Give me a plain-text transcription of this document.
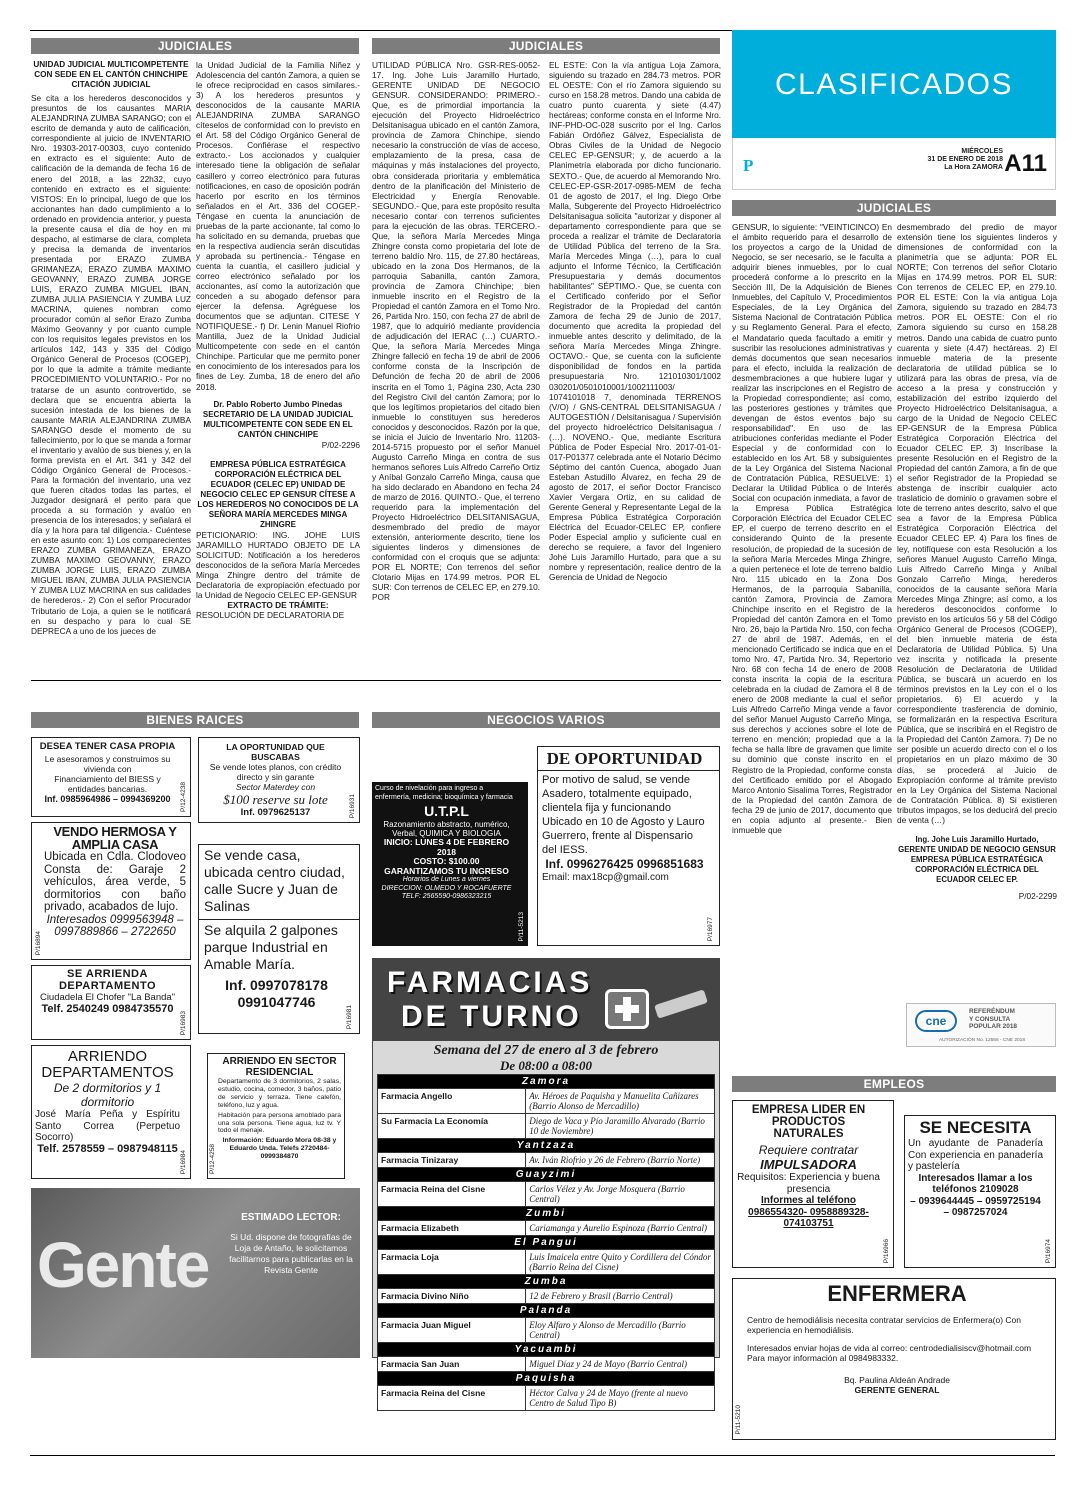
JUDICIALES

UNIDAD JUDICIAL MULTICOMPETENTE CON SEDE EN EL CANTÓN CHINCHIPE CITACIÓN JUDICIAL

Se cita a los herederos desconocidos y presuntos de los causantes MARIA ALEJANDRINA ZUMBA SARANGO; con el escrito de demanda y auto de calificación, correspondiente al juicio de INVENTARIO Nro. 19303-2017-00303, cuyo contenido en extracto es el siguiente: Auto de calificación de la demanda de fecha 16 de enero del 2018, a las 22h32, cuyo contenido en extracto es el siguiente: VISTOS: En lo principal, luego de que los accionantes han dado cumplimiento a lo ordenado en providencia anterior, y puesta la presente causa el día de hoy en mi despacho, al estimarse de clara, completa y precisa la demanda de inventarios presentada por ERAZO ZUMBA GRIMANEZA, ERAZO ZUMBA MAXIMO GEOVANNY, ERAZO ZUMBA JORGE LUIS, ERAZO ZUMBA MIGUEL IBAN, ZUMBA JULIA PASIENCIA Y ZUMBA LUZ MACRINA, quienes nombran como procurador común al señor Erazo Zumba Máximo Geovanny y por cuanto cumple con los requisitos legales previstos en los artículos 142, 143 y 335 del Código Orgánico General de Procesos (COGEP), por lo que la admite a trámite mediante PROCEDIMIENTO VOLUNTARIO.- Por no tratarse de un asunto controvertido, se declara que se encuentra abierta la sucesión intestada de los bienes de la causante MARIA ALEJANDRINA ZUMBA SARANGO desde el momento de su fallecimiento, por lo que se manda a formar el inventario y avalúo de sus bienes y, en la forma prevista en el Art. 341 y 342 del Código Orgánico General de Procesos.- Para la formación del inventario, una vez que fueren citados todas las partes, el Juzgador designará el perito para que proceda a su formación y avalúo en presencia de los interesados; y señalará el día y la hora para tal diligencia.- Cuéntese en este asunto con: 1) Los comparecientes ERAZO ZUMBA GRIMANEZA, ERAZO ZUMBA MAXIMO GEOVANNY, ERAZO ZUMBA JORGE LUIS, ERAZO ZUMBA MIGUEL IBAN, ZUMBA JULIA PASIENCIA Y ZUMBA LUZ MACRINA en sus calidades de herederos.- 2) Con el señor Procurador Tributario de Loja, a quien se le notificará en su despacho y para lo cual SE DEPRECA a uno de los jueces de

la Unidad Judicial de la Familia Niñez y Adolescencia del cantón Zamora, a quien se le ofrece reciprocidad en casos similares.- 3) A los herederos presuntos y desconocidos de la causante MARIA ALEJANDRINA ZUMBA SARANGO cíteselos de conformidad con lo previsto en el Art. 58 del Código Orgánico General de Procesos. Confiérase el respectivo extracto.- Los accionados y cualquier interesado tiene la obligación de señalar casillero y correo electrónico para futuras notificaciones, en caso de oposición podrán hacerlo por escrito en los términos señalados en el Art. 336 del COGEP.- Téngase en cuenta la anunciación de pruebas de la parte accionante, tal como lo ha solicitado en su demanda, pruebas que en la respectiva audiencia serán discutidas y aprobada su pertinencia.- Téngase en cuenta la cuantía, el casillero judicial y correo electrónico señalado por los accionantes, así como la autorización que conceden a su abogado defensor para ejercer la defensa. Agréguese los documentos que se adjuntan. CITESE Y NOTIFIQUESE.- f) Dr. Lenin Manuel Riofrio Mantilla, Juez de la Unidad Judicial Multicompetente con sede en el cantón Chinchipe. Particular que me permito poner en conocimiento de los interesados para los fines de Ley. Zumba, 18 de enero del año 2018.

Dr. Pablo Roberto Jumbo Pinedas SECRETARIO DE LA UNIDAD JUDICIAL MULTICOMPETENTE CON SEDE EN EL CANTÓN CHINCHIPE

P/02-2296

EMPRESA PÚBLICA ESTRATÉGICA CORPORACIÓN ELÉCTRICA DEL ECUADOR (CELEC EP) UNIDAD DE NEGOCIO CELEC EP GENSUR CÍTESE A LOS HEREDEROS NO CONOCIDOS DE LA SEÑORA MARÍA MERCEDES MINGA ZHINGRE

PETICIONARIO: ING. JOHE LUIS JARAMILLO HURTADO OBJETO DE LA SOLICITUD: Notificación a los herederos desconocidos de la señora María Mercedes Minga Zhingre dentro del trámite de Declaratoria de expropiación efectuado por la Unidad de Negocio CELEC EP-GENSUR

EXTRACTO DE TRÁMITE:

RESOLUCIÓN DE DECLARATORIA DE

JUDICIALES

UTILIDAD PÚBLICA Nro. GSR-RES-0052-17. Ing. Johe Luis Jaramillo Hurtado, GERENTE UNIDAD DE NEGOCIO GENSUR. CONSIDERANDO: PRIMERO.- Que, es de primordial importancia la ejecución del Proyecto Hidroeléctrico Delsitanisagua ubicado en el cantón Zamora, provincia de Zamora Chinchipe, siendo necesario la construcción de vías de acceso, emplazamiento de la presa, casa de máquinas y más instalaciones del proyecto, obra considerada prioritaria y emblemática dentro de la planificación del Ministerio de Electricidad y Energía Renovable. SEGUNDO.- Que, para este propósito resulta necesario contar con terrenos suficientes para la ejecución de las obras. TERCERO.- Que, la señora María Mercedes Minga Zhingre consta como propietaria del lote de terreno baldío Nro. 115, de 27.80 hectáreas, ubicado en la zona Dos Hermanos, de la parroquia Sabanilla, cantón Zamora, provincia de Zamora Chinchipe; bien inmueble inscrito en el Registro de la Propiedad el cantón Zamora en el Tomo Nro. 26, Partida Nro. 150, con fecha 27 de abril de 1987, que lo adquirió mediante providencia de adjudicación del IERAC (…) CUARTO.- Que, la señora María Mercedes Minga Zhingre falleció en fecha 19 de abril de 2006 conforme consta de la Inscripción de Defunción de fecha 20 de abril de 2006 inscrita en el Tomo 1, Página 230, Acta 230 del Registro Civil del cantón Zamora; por lo que los legítimos propietarios del citado bien inmueble lo constituyen sus herederos conocidos y desconocidos. Razón por la que, se inicia el Juicio de Inventario Nro. 11203-2014-5715 propuesto por el señor Manuel Augusto Carreño Minga en contra de sus hermanos señores Luis Alfredo Carreño Ortiz y Aníbal Gonzalo Carreño Minga, causa que ha sido declarado en Abandono en fecha 24 de marzo de 2016. QUINTO.- Que, el terreno requerido para la implementación del Proyecto Hidroeléctrico DELSITANISAGUA, desmembrado del predio de mayor extensión, anteriormente descrito, tiene los siguientes linderos y dimensiones de conformidad con el croquis que se adjunta: POR EL NORTE; Con terrenos del señor Clotario Mijas en 174.99 metros. POR EL SUR: Con terrenos de CELEC EP, en 279.10. POR

EL ESTE: Con la vía antigua Loja Zamora, siguiendo su trazado en 284.73 metros. POR EL OESTE: Con el río Zamora siguiendo su curso en 158.28 metros. Dando una cabida de cuatro punto cuarenta y siete (4.47) hectáreas; conforme consta en el Informe Nro. INF-PHD-OC-028 suscrito por el Ing. Carlos Fabián Ordóñez Gálvez, Especialista de Obras Civiles de la Unidad de Negocio CELEC EP-GENSUR; y, de acuerdo a la Planimetría elaborada por dicho funcionario. SEXTO.- Que, de acuerdo al Memorando Nro. CELEC-EP-GSR-2017-0985-MEM de fecha 01 de agosto de 2017, el Ing. Diego Orbe Malla, Subgerente del Proyecto Hidroeléctrico Delsitanisagua solicita "autorizar y disponer al departamento correspondiente para que se proceda a realizar el trámite de Declaratoria de Utilidad Pública del terreno de la Sra. María Mercedes Minga (…), para lo cual adjunto el Informe Técnico, la Certificación Presupuestaria y demás documentos habilitantes" SÉPTIMO.- Que, se cuenta con el Certificado conferido por el Señor Registrador de la Propiedad del cantón Zamora de fecha 29 de Junio de 2017, documento que acredita la propiedad del inmueble antes descrito y delimitado, de la señora María Mercedes Minga Zhingre. OCTAVO.- Que, se cuenta con la suficiente disponibilidad de fondos en la partida presupuestaria Nro. 121010301/1002 030201/0501010001/1002111003/ 1074101018 7, denominada TERRENOS (V/O) / GNS-CENTRAL DELSITANISAGUA / AUTOGESTIÓN / Delsitanisagua / Supervisión del proyecto hidroeléctrico Delsitanisagua / (…). NOVENO.- Que, mediante Escritura Pública de Poder Especial Nro. 2017-01-01-017-P01377 celebrada ante el Notario Décimo Séptimo del cantón Cuenca, abogado Juan Esteban Astudillo Álvarez, en fecha 29 de agosto de 2017, el señor Doctor Francisco Xavier Vergara Ortiz, en su calidad de Gerente General y Representante Legal de la Empresa Pública Estratégica Corporación Eléctrica del Ecuador-CELEC EP, confiere Poder Especial amplio y suficiente cual en derecho se requiere, a favor del Ingeniero Johe Luis Jaramillo Hurtado, para que a su nombre y representación, realice dentro de la Gerencia de Unidad de Negocio

CLASIFICADOS
P
MIÉRCOLES
31 DE ENERO DE 2018
La Hora ZAMORA A11
JUDICIALES

GENSUR, lo siguiente: "VEINTICINCO) En el ámbito requerido para el desarrollo de los proyectos a cargo de la Unidad de Negocio, se ser necesario, se le faculta a adquirir bienes inmuebles, por lo cual procederá conforme a lo prescrito en la Sección III, De la Adquisición de Bienes Inmuebles, del Capítulo V, Procedimientos Especiales, de la Ley Orgánica del Sistema Nacional de Contratación Pública y su Reglamento General. Para el efecto, el Mandatario queda facultado a emitir y suscribir las resoluciones administrativas y demás documentos que sean necesarios para el efecto, incluida la realización de desmembraciones a que hubiere lugar y realizar las inscripciones en el Registro de la Propiedad correspondiente; así como, las posteriores gestiones y trámites que devengan de éstos eventos bajo su responsabilidad". En uso de las atribuciones conferidas mediante el Poder Especial y de conformidad con lo establecido en los Art. 58 y subsiguientes de la Ley Orgánica del Sistema Nacional de Contratación Pública, RESUELVE: 1) Declarar la Utilidad Pública o de Interés Social con ocupación inmediata, a favor de la Empresa Pública Estratégica Corporación Eléctrica del Ecuador CELEC EP, el cuerpo de terreno descrito en el considerando Quinto de la presente resolución, de propiedad de la sucesión de la señora María Mercedes Minga Zhingre, a quien pertenece el lote de terreno baldío Nro. 115 ubicado en la Zona Dos Hermanos, de la parroquia Sabanilla, cantón Zamora, Provincia de Zamora Chinchipe inscrito en el Registro de la Propiedad del cantón Zamora en el Tomo Nro. 26, bajo la Partida Nro. 150, con fecha 27 de abril de 1987. Además, en el mencionado Certificado se indica que en el tomo Nro. 47, Partida Nro. 34, Repertorio Nro. 68 con fecha 14 de enero de 2008 consta inscrita la copia de la escritura celebrada en la ciudad de Zamora el 8 de enero de 2008 mediante la cual el señor Luis Alfredo Carreño Minga vende a favor del señor Manuel Augusto Carreño Minga, sus derechos y acciones sobre el lote de terreno en mención; propiedad que a la fecha se halla libre de gravamen que limite su dominio que conste inscrito en el Registro de la Propiedad, conforme consta del Certificado emitido por el Abogado Marco Antonio Sisalima Torres, Registrador de la Propiedad del cantón Zamora de fecha 29 de junio de 2017, documento que en copia adjunto al presente.- Bien inmueble que

desmembrado del predio de mayor extensión tiene los siguientes linderos y dimensiones de conformidad con la planimetría que se adjunta: POR EL NORTE; Con terrenos del señor Clotario Mijas en 174.99 metros. POR EL SUR: Con terrenos de CELEC EP, en 279.10. POR EL ESTE: Con la vía antigua Loja Zamora, siguiendo su trazado en 284.73 metros. POR EL OESTE: Con el río Zamora siguiendo su curso en 158.28 metros. Dando una cabida de cuatro punto cuarenta y siete (4.47) hectáreas. 2) El inmueble materia de la presente declaratoria de utilidad pública se lo utilizará para las obras de presa, vía de acceso a la presa y construcción y estabilización del estribo izquierdo del Proyecto Hidroeléctrico Delsitanisagua, a cargo de la Unidad de Negocio CELEC EP-GENSUR de la Empresa Pública Estratégica Corporación Eléctrica del Ecuador CELEC EP. 3) Inscríbase la presente Resolución en el Registro de la Propiedad del cantón Zamora, a fin de que el señor Registrador de la Propiedad se abstenga de inscribir cualquier acto traslaticio de dominio o gravamen sobre el lote de terreno antes descrito, salvo el que sea a favor de la Empresa Pública Estratégica Corporación Eléctrica del Ecuador CELEC EP. 4) Para los fines de ley, notifíquese con esta Resolución a los señores Manuel Augusto Carreño Minga, Luis Alfredo Carreño Minga y Aníbal Gonzalo Carreño Minga, herederos conocidos de la causante señora María Mercedes Minga Zhingre; así como, a los herederos desconocidos conforme lo previsto en los artículos 56 y 58 del Código Orgánico General de Procesos (COGEP), del bien inmueble materia de ésta Declaratoria de Utilidad Pública. 5) Una vez inscrita y notificada la presente Resolución de Declaratoria de Utilidad Pública, se buscará un acuerdo en los términos previstos en la Ley con el o los propietarios. 6) El acuerdo y la correspondiente trasferencia de dominio, se formalizarán en la respectiva Escritura Pública, que se inscribirá en el Registro de la Propiedad del Cantón Zamora. 7) De no ser posible un acuerdo directo con el o los propietarios en un plazo máximo de 30 días, se procederá al Juicio de Expropiación conforme al trámite previsto en la Ley Orgánica del Sistema Nacional de Contratación Pública. 8) Si existieren tributos impagos, se los deducirá del precio de venta (…)

Ing. Johe Luis Jaramillo Hurtado, GERENTE UNIDAD DE NEGOCIO GENSUR EMPRESA PÚBLICA ESTRATÉGICA CORPORACIÓN ELÉCTRICA DEL ECUADOR CELEC EP.

P/02-2299

cne
REFERÉNDUM
Y CONSULTA
POPULAR 2018
AUTORIZACIÓN No. 12556 - CNE 2018
BIENES RAICES
DESEA TENER CASA PROPIA
Le asesoramos y construimos su vivienda con
Financiamiento del BIESS y entidades bancarias.
Inf. 0985964986 – 0994369200	P/12-4238
LA OPORTUNIDAD QUE BUSCABAS
Se vende lotes planos, con crédito directo y sin garante
Sector Materdey con
$100 reserve su lote
Inf. 0979625137	P/16931
VENDO HERMOSA Y AMPLIA CASA
Ubicada en Cdla. Clodoveo Consta de: Garaje 2 vehículos, área verde, 5 dormitorios con baño privado, acabados de lujo.
Interesados 0999563948 – 0997889866 – 2722650
P/16894
Se vende casa, ubicada centro ciudad, calle Sucre y Juan de Salinas
Se alquila 2 galpones parque Industrial en Amable María.
Inf. 0997078178 0991047746
P/16981
SE ARRIENDA DEPARTAMENTO
Ciudadela El Chofer "La Banda"
Telf. 2540249 0984735570
P/16983
ARRIENDO DEPARTAMENTOS
De 2 dormitorios y 1 dormitorio
José María Peña y Espíritu Santo Correa (Perpetuo Socorro)
Telf. 2578559 – 0987948115
P/16984
ARRIENDO EN SECTOR RESIDENCIAL
Departamento de 3 dormitorios, 2 salas, estudio, cocina, comedor, 3 baños, patio de servicio y terraza. Tiene calefón, teléfono, luz y agua.
Habitación para persona amoblado para una sola persona. Tiene agua, luz tv. Y todo el menaje.
Información: Eduardo Mora 08-38 y Eduardo Unda. Telefs 2720484-0999384870
P/12-4258
Gente
ESTIMADO LECTOR:
Si Ud. dispone de fotografías de Loja de Antaño, le solicitamos facilitarnos para publicarlas en la Revista Gente
NEGOCIOS VARIOS
Curso de nivelación para ingreso a enfermería, medicina; bioquímica y farmacia
U.T.P.L
Razonamiento abstracto, numérico, Verbal, QUIMICA Y BIOLOGIA
INICIO: LUNES 4 DE FEBRERO 2018
COSTO: $100.00
GARANTIZAMOS TU INGRESO
Horarios de Lunes a viernes
DIRECCION: OLMEDO Y ROCAFUERTE
TELF: 2565590-0986323215
P/11-5213
DE OPORTUNIDAD
Por motivo de salud, se vende Asadero, totalmente equipado, clientela fija y funcionando Ubicado en 10 de Agosto y Lauro Guerrero, frente al Dispensario del IESS.
Inf. 0996276425 0996851683
Email: max18cp@gmail.com
P/16977
FARMACIAS
DE TURNO
Semana del 27 de enero al 3 de febrero
De 08:00 a 08:00
Zamora	
Farmacia Angello	Av. Héroes de Paquisha y Manuelita Cañizares (Barrio Alonso de Mercadillo)
Su Farmacia La Economía	Diego de Vaca y Pío Jaramillo Alvarado (Barrio 10 de Noviembre)
Yantzaza	
Farmacia Tinizaray	Av. Iván Riofrio y 26 de Febrero (Barrio Norte)
Guayzimi	
Farmacia Reina del Cisne	Carlos Vélez y Av. Jorge Mosquera (Barrio Central)
Zumbi	
Farmacia Elizabeth	Cariamanga y Aurelio Espinoza (Barrio Central)
El Pangui	
Farmacia Loja	Luis Imaicela entre Quito y Cordillera del Cóndor (Barrio Reina del Cisne)
Zumba	
Farmacia Divino Niño	12 de Febrero y Brasil (Barrio Central)
Palanda	
Farmacia Juan Miguel	Eloy Alfaro y Alonso de Mercadillo (Barrio Central)
Yacuambi	
Farmacia San Juan	Miguel Díaz y 24 de Mayo (Barrio Central)
Paquisha	
Farmacia Reina del Cisne	Héctor Calva y 24 de Mayo (frente al nuevo Centro de Salud Tipo B)
EMPLEOS
EMPRESA LIDER EN PRODUCTOS NATURALES
Requiere contratar
IMPULSADORA
Requisitos: Experiencia y buena presencia
Informes al teléfono
0986554320- 0958889328-074103751
P/16966
SE NECESITA
Un ayudante de Panadería Con experiencia en panadería y pastelería
Interesados llamar a los teléfonos 2109028
– 0939644445 – 0959725194 – 0987257024
P/16974
ENFERMERA
Centro de hemodiálisis necesita contratar servicios de Enfermera(o) Con experiencia en hemodiálisis.
Interesados enviar hojas de vida al correo: centrodedialisiscv@hotmail.com Para mayor información al 0984983332.
Bq. Paulina Aldeán Andrade
GERENTE GENERAL
P/11-5210
